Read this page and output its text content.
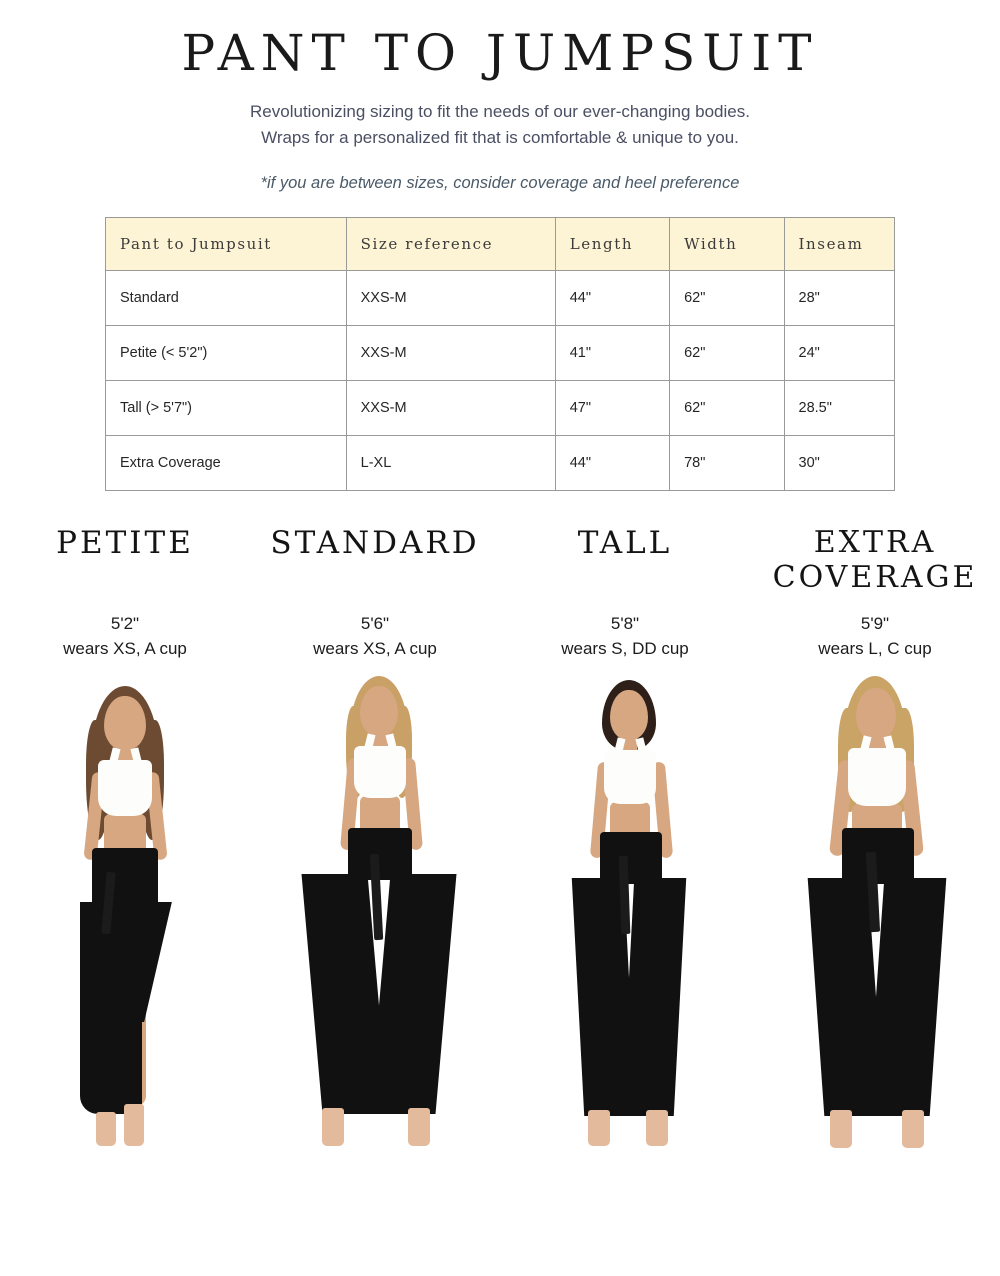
PANT TO JUMPSUIT
Revolutionizing sizing to fit the needs of our ever-changing bodies.
Wraps for a personalized fit that is comfortable & unique to you.
*if you are between sizes, consider coverage and heel preference
Pant to Jumpsuit	Size reference	Length	Width	Inseam
Standard	XXS-M	44"	62"	28"
Petite (< 5'2")	XXS-M	41"	62"	24"
Tall (> 5'7")	XXS-M	47"	62"	28.5"
Extra Coverage	L-XL	44"	78"	30"
PETITE
5'2"
wears XS, A cup
STANDARD
5'6"
wears XS, A cup
TALL
5'8"
wears S, DD cup
EXTRA COVERAGE
5'9"
wears L, C cup
